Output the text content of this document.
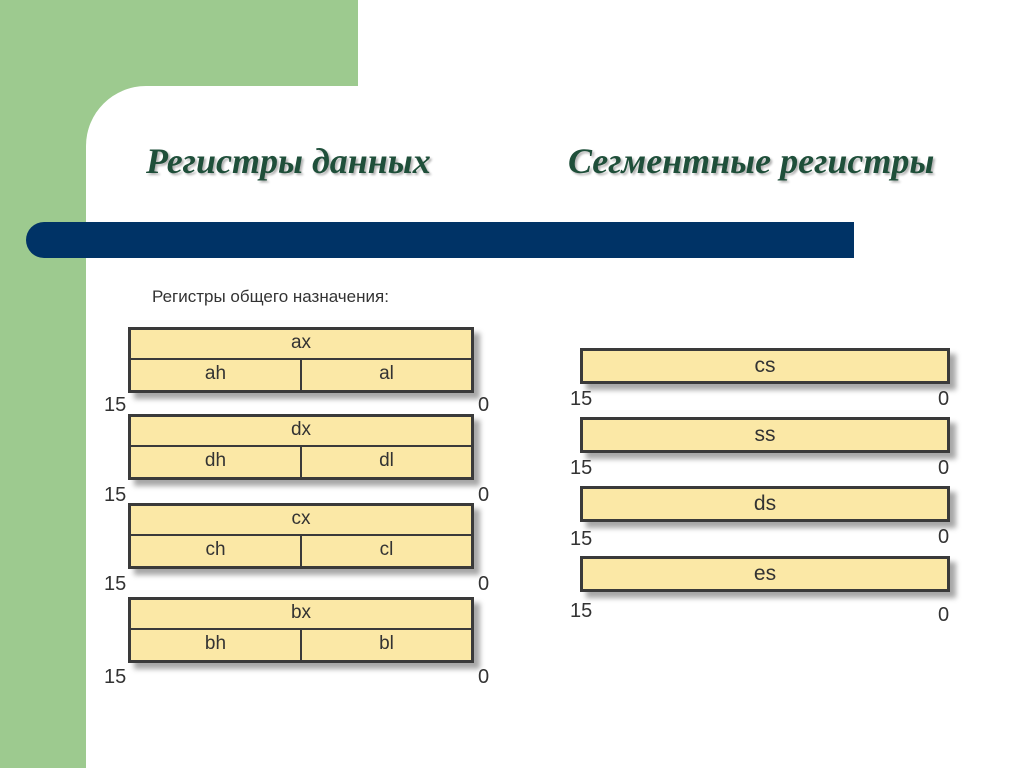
Регистры данных	Сегментные регистры
Регистры общего назначения:
ax
ah	al
15	0
dx
dh	dl
15	0
cx
ch	cl
15	0
bx
bh	bl
15	0
cs
15	0
ss
15	0
ds
15	0
es
15	0
